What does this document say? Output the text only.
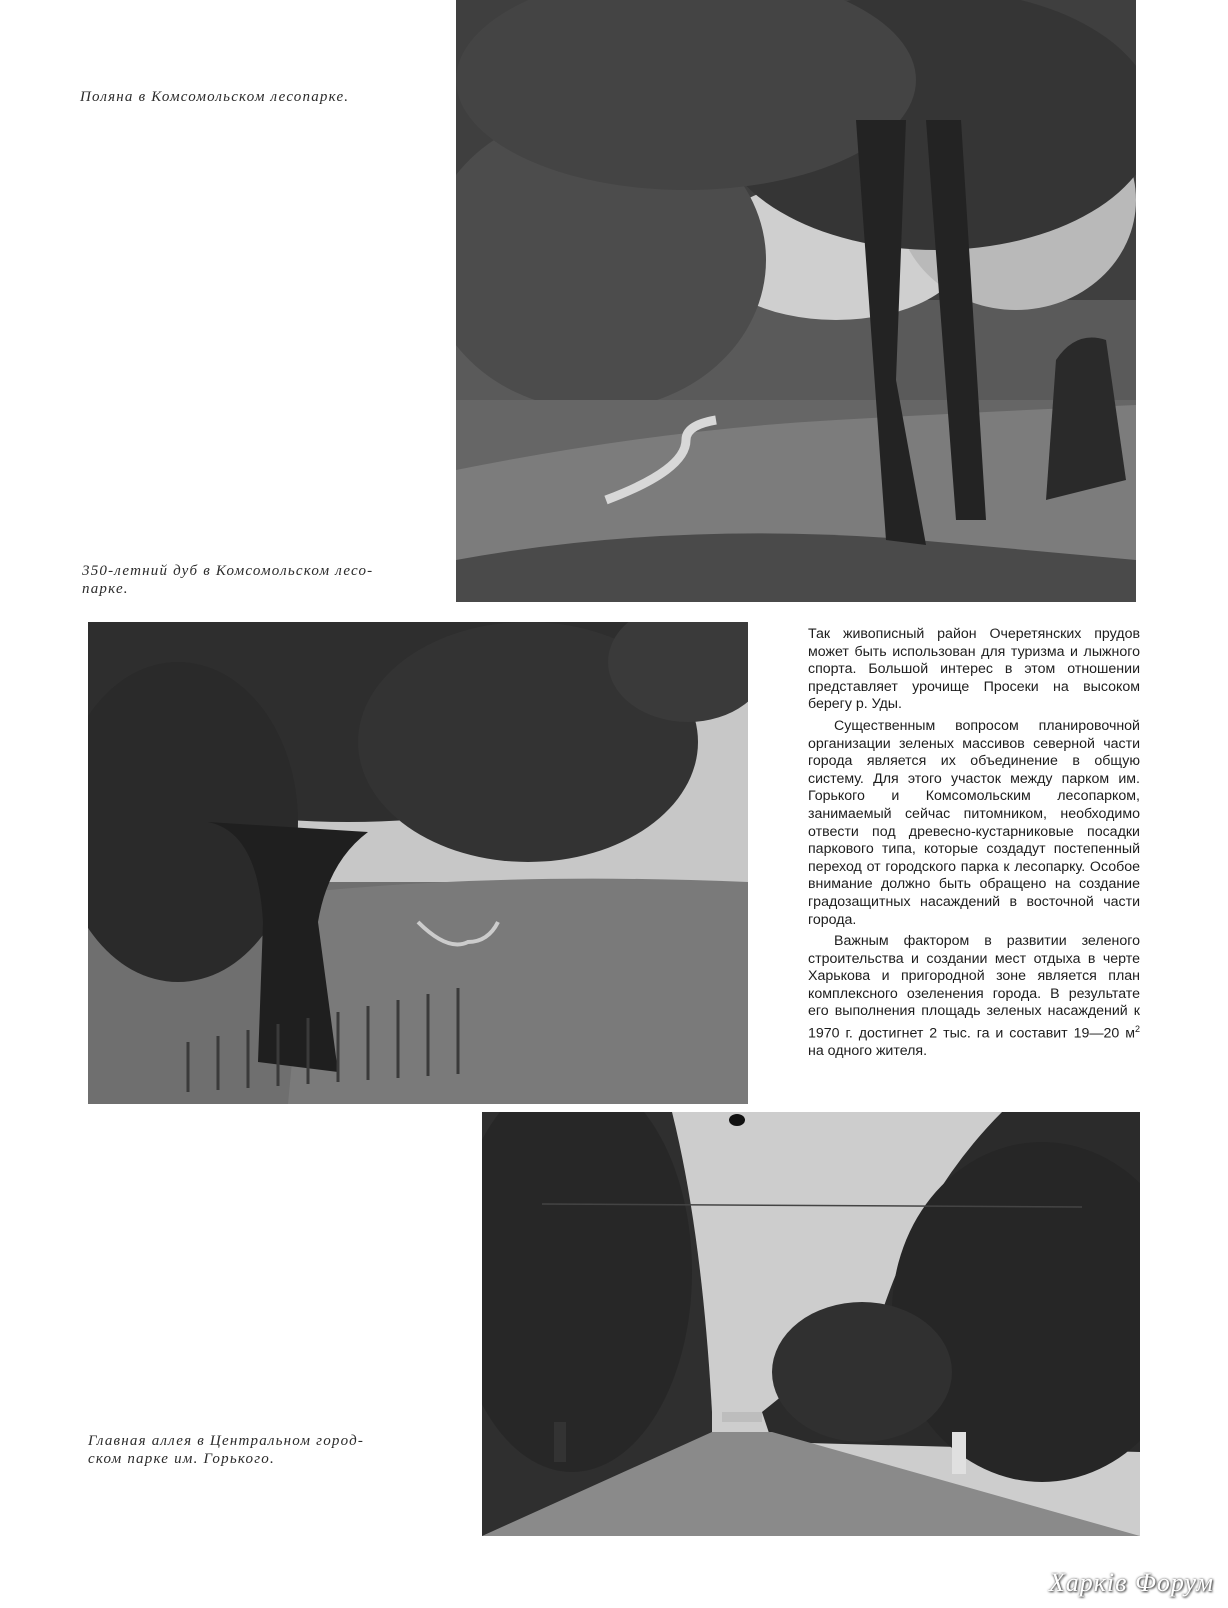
Поляна в Комсомольском лесопарке.

350-летний дуб в Комсомольском лесо-
парке.

Так живописный район Очеретянских прудов может быть использован для туризма и лыжного спорта. Большой интерес в этом отношении представляет урочище Просеки на высоком берегу р. Уды.

Существенным вопросом планировочной организации зеленых массивов северной части города является их объединение в общую систему. Для этого участок между парком им. Горького и Комсомольским лесопарком, занимаемый сейчас питомником, необходимо отвести под древесно-кустарниковые посадки паркового типа, которые создадут постепенный переход от городского парка к лесопарку. Особое внимание должно быть обращено на создание градозащитных насаждений в восточной части города.

Важным фактором в развитии зеленого строительства и создании мест отдыха в черте Харькова и пригородной зоне является план комплексного озеленения города. В результате его выполнения площадь зеленых насаждений к 1970 г. достигнет 2 тыс. га и составит 19—20 $м^2$ на одного жителя.

Главная аллея в Центральном город-
ском парке им. Горького.

Харків Форум
